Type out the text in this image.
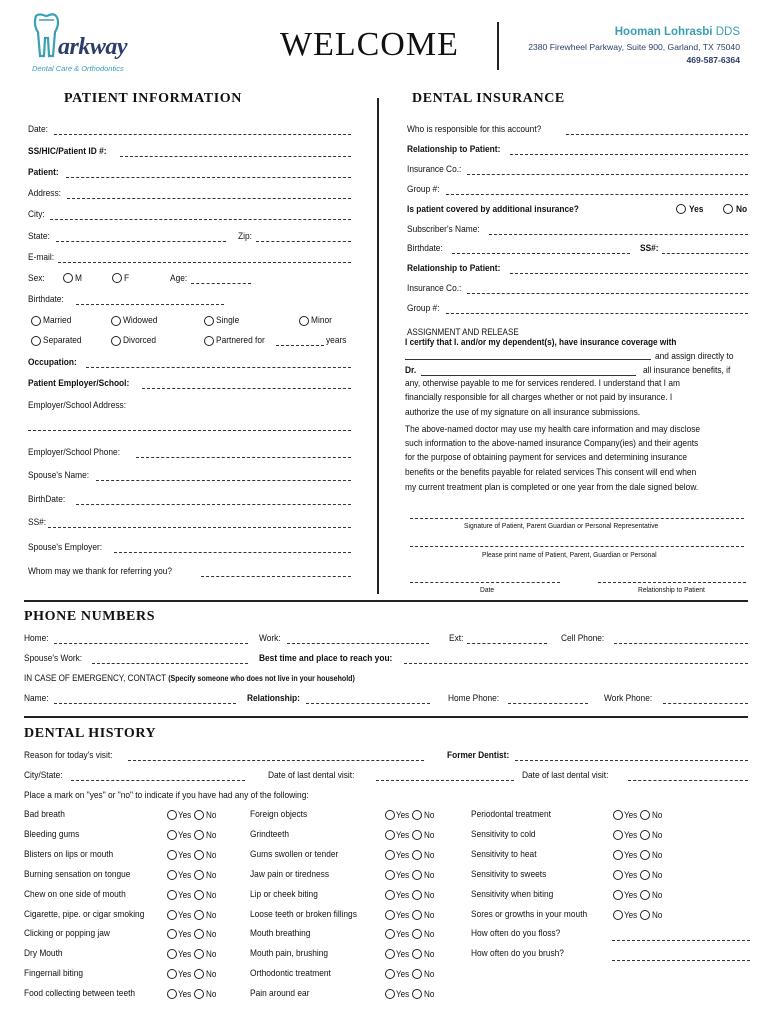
arkway
Dental Care & Orthodontics
WELCOME	Hooman Lohrasbi DDS
2380 Firewheel Parkway, Suite 900, Garland, TX 75040
469-587-6364
PATIENT INFORMATION	DENTAL INSURANCE
Date:
SS/HIC/Patient ID #:
Patient:
Address:
City:
State:	Zip:
E-mail:
Sex:	M	F	Age:
Birthdate:
Married	Widowed	Single	Minor
Separated	Divorced	Partnered for	years
Occupation:
Patient Employer/School:
Employer/School Address:
Employer/School Phone:
Spouse's Name:
BirthDate:
SS#:
Spouse's Employer:
Whom may we thank for referring you?
Who is responsible for this account?
Relationship to Patient:
Insurance Co.:
Group #:
Is patient covered by additional insurance?	Yes	No
Subscriber's Name:
Birthdate:	SS#:
Relationship to Patient:
Insurance Co.:
Group #:
ASSIGNMENT AND RELEASE
I certify that I. and/or my dependent(s), have insurance coverage with
and assign directly to
Dr.	all insurance benefits, if
any, otherwise payable to me for services rendered. I understand that I am
financially responsible for all charges whether or not paid by insurance. I
authorize the use of my signature on all insurance submissions.
The above-named doctor may use my health care information and may disclose
such information to the above-named insurance Company(ies) and their agents
for the purpose of obtaining payment for services and determining insurance
benefits or the benefits payable for related services This consent will end when
my current treatment plan is completed or one year from the dale signed below.
Signature of Patient, Parent Guardian or Personal Representative
Please print name of Patient, Parent, Guardian or Personal
Date	Relationship to Patient
PHONE NUMBERS
Home:	Work:	Ext:	Cell Phone:
Spouse's Work:	Best time and place to reach you:
IN CASE OF EMERGENCY, CONTACT (Specify someone who does not live in your household)
Name:	Relationship:	Home Phone:	Work Phone:
DENTAL HISTORY
Reason for today's visit:	Former Dentist:
City/State:	Date of last dental visit:	Date of last dental visit:
Place a mark on "yes" or "no" to indicate if you have had any of the following:
Bad breath	Yes No
Bleeding gums	Yes No
Blisters on lips or mouth	Yes No
Burning sensation on tongue	Yes No
Chew on one side of mouth	Yes No
Cigarette, pipe. or cigar smoking	Yes No
Clicking or popping jaw	Yes No
Dry Mouth	Yes No
Fingernail biting	Yes No
Food collecting between teeth	Yes No
Foreign objects	Yes No
Grindteeth	Yes No
Gums swollen or tender	Yes No
Jaw pain or tiredness	Yes No
Lip or cheek biting	Yes No
Loose teeth or broken fillings	Yes No
Mouth breathing	Yes No
Mouth pain, brushing	Yes No
Orthodontic treatment	Yes No
Pain around ear	Yes No
Periodontal treatment	Yes No
Sensitivity to cold	Yes No
Sensitivity to heat	Yes No
Sensitivity to sweets	Yes No
Sensitivity when biting	Yes No
Sores or growths in your mouth	Yes No
How often do you floss?
How often do you brush?
